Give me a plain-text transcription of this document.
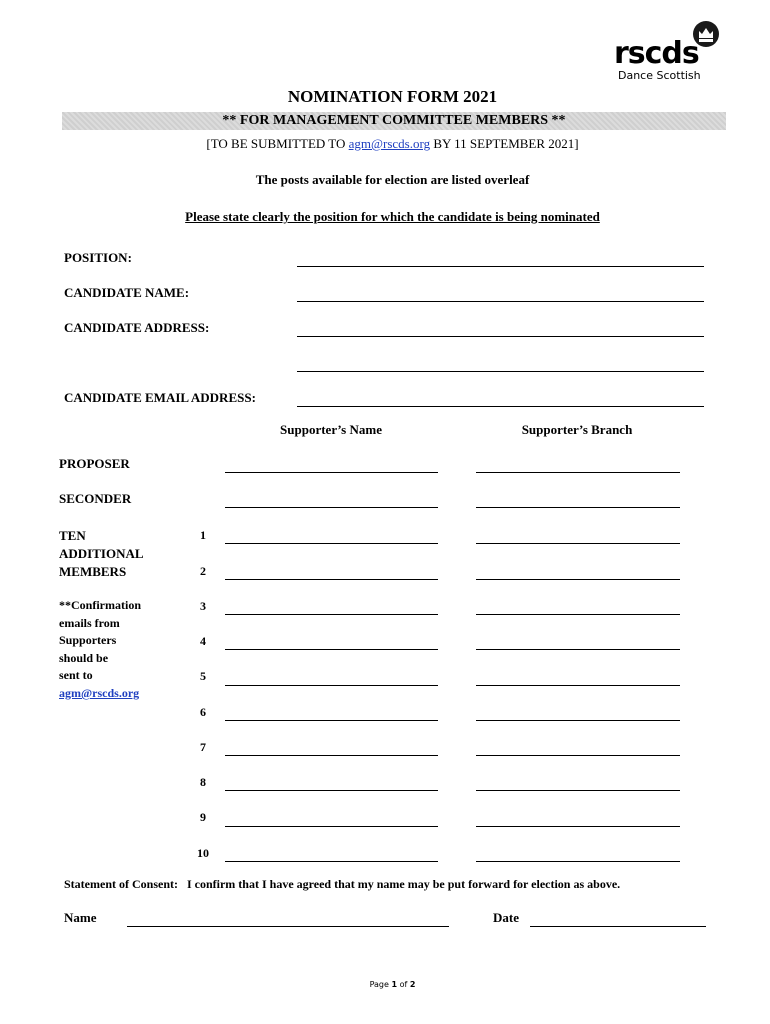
rscds
Dance Scottish
NOMINATION FORM 2021
** FOR MANAGEMENT COMMITTEE MEMBERS **
[TO BE SUBMITTED TO agm@rscds.org BY 11 SEPTEMBER 2021]
The posts available for election are listed overleaf
Please state clearly the position for which the candidate is being nominated
POSITION:
CANDIDATE NAME:
CANDIDATE ADDRESS:
CANDIDATE EMAIL ADDRESS:
Supporter’s Name	Supporter’s Branch
PROPOSER
SECONDER
TEN
ADDITIONAL
MEMBERS
**Confirmation
emails from
Supporters
should be
sent to
agm@rscds.org
1
2
3
4
5
6
7
8
9
10
Statement of Consent:   I confirm that I have agreed that my name may be put forward for election as above.
Name	Date
Page 1 of 2
